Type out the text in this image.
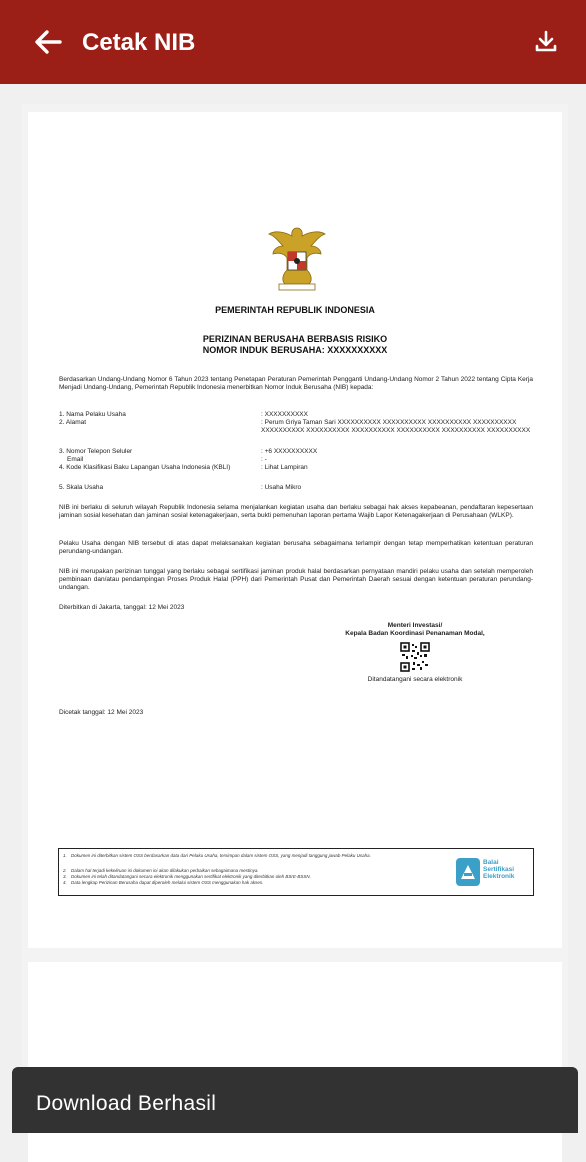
Cetak NIB
PEMERINTAH REPUBLIK INDONESIA
PERIZINAN BERUSAHA BERBASIS RISIKO
NOMOR INDUK BERUSAHA: XXXXXXXXXX
Berdasarkan Undang-Undang Nomor 6 Tahun 2023 tentang Penetapan Peraturan Pemerintah Pengganti Undang-Undang Nomor 2 Tahun 2022 tentang Cipta Kerja Menjadi Undang-Undang, Pemerintah Republik Indonesia menerbitkan Nomor Induk Berusaha (NIB) kepada:
1. Nama Pelaku Usaha	: XXXXXXXXXX
2. Alamat	: Perum Griya Taman Sari XXXXXXXXXX XXXXXXXXXX XXXXXXXXXX XXXXXXXXXX XXXXXXXXXX XXXXXXXXXX XXXXXXXXXX XXXXXXXXXX XXXXXXXXXX XXXXXXXXXX
3. Nomor Telepon Seluler	: +6 XXXXXXXXXX
Email	: -
4. Kode Klasifikasi Baku Lapangan Usaha Indonesia (KBLI)	: Lihat Lampiran
5. Skala Usaha	: Usaha Mikro
NIB ini berlaku di seluruh wilayah Republik Indonesia selama menjalankan kegiatan usaha dan berlaku sebagai hak akses kepabeanan, pendaftaran kepesertaan jaminan sosial kesehatan dan jaminan sosial ketenagakerjaan, serta bukti pemenuhan laporan pertama Wajib Lapor Ketenagakerjaan di Perusahaan (WLKP).
Pelaku Usaha dengan NIB tersebut di atas dapat melaksanakan kegiatan berusaha sebagaimana terlampir dengan tetap memperhatikan ketentuan peraturan perundang-undangan.
NIB ini merupakan perizinan tunggal yang berlaku sebagai sertifikasi jaminan produk halal berdasarkan pernyataan mandiri pelaku usaha dan setelah memperoleh pembinaan dan/atau pendampingan Proses Produk Halal (PPH) dari Pemerintah Pusat dan Pemerintah Daerah sesuai dengan ketentuan peraturan perundang-undangan.
Diterbitkan di Jakarta, tanggal: 12 Mei 2023
Menteri Investasi/
Kepala Badan Koordinasi Penanaman Modal,
Ditandatangani secara elektronik
Dicetak tanggal: 12 Mei 2023
1. Dokumen ini diterbitkan sistem OSS berdasarkan data dari Pelaku Usaha, tersimpan dalam sistem OSS, yang menjadi tanggung jawab Pelaku Usaha.
2. Dalam hal terjadi kekeliruan isi dokumen ini akan dilakukan perbaikan sebagaimana mestinya.
3. Dokumen ini telah ditandatangani secara elektronik menggunakan sertifikat elektronik yang diterbitkan oleh BSrE-BSSN.
4. Data lengkap Perizinan Berusaha dapat diperoleh melalui sistem OSS menggunakan hak akses.
Balai Sertifikasi Elektronik
Download Berhasil
